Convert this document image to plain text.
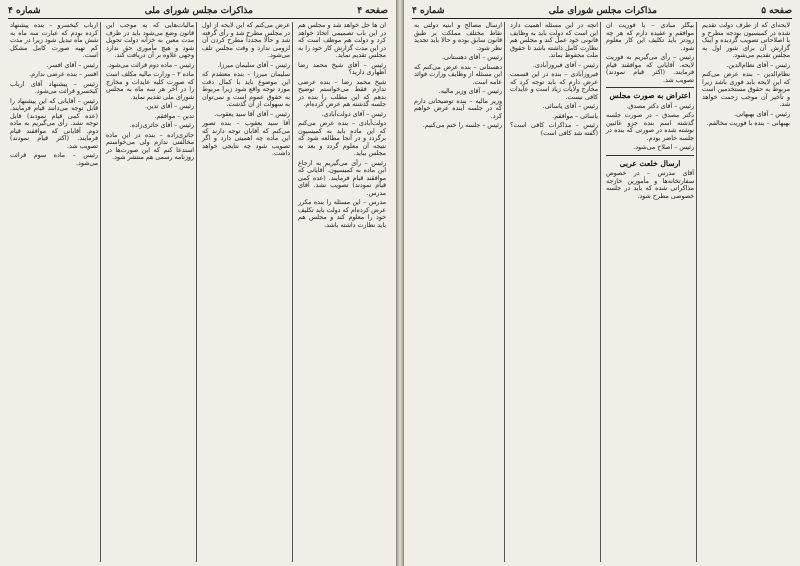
صفحه ۴
مذاکرات مجلس شورای ملی
شماره ۴

آن ‌ها حل خواهد شد و مجلس هم در این باب تصمیمی اتخاذ خواهد کرد و دولت هم موظف است که در این مدت گزارش کار خود را به مجلس تقدیم نماید.

رئیس – آقای شیخ محمد رضا اظهاری دارید؟

شیخ محمد رضا – بنده عرضی ندارم فقط می‌خواستم توضیح بدهم که این مطلب را بنده در جلسه گذشته هم عرض کرده‌ام.

رئیس – آقای دولت‌آبادی.

دولت‌آبادی – بنده عرض می‌کنم که این ماده باید به کمیسیون برگردد و در آنجا مطالعه شود که نتیجه آن معلوم گردد و بعد به مجلس بیاید.

رئیس – رأی می‌گیریم به ارجاع این ماده به کمیسیون. آقایانی که موافقند قیام فرمایند. (عده کمی قیام نمودند) تصویب نشد. آقای مدرس.

مدرس – این مسئله را بنده مکرر عرض کرده‌ام که دولت باید تکلیف خود را معلوم کند و مجلس هم باید نظارت داشته باشد.

عرض می‌کنم که این لایحه از اول در مجلس مطرح شد و رأی گرفته شد و حالا مجدداً مطرح کردن آن لزومی ندارد و وقت مجلس تلف می‌شود.

رئیس – آقای سلیمان میرزا.

سلیمان میرزا – بنده معتقدم که این موضوع باید با کمال دقت مورد توجه واقع شود زیرا مربوط به حقوق عموم است و نمی‌توان به سهولت از آن گذشت.

رئیس – آقای آقا سید یعقوب.

آقا سید یعقوب – بنده تصور می‌کنم که آقایان توجه دارند که این ماده چه اهمیتی دارد و اگر تصویب شود چه نتایجی خواهد داشت.

مالیات‌هایی که به موجب این قانون وضع می‌شود باید در ظرف مدت معین به خزانه دولت تحویل شود و هیچ مأموری حق ندارد وجهی علاوه بر آن دریافت کند.

رئیس – ماده دوم قرائت می‌شود.

ماده ۲ – وزارت مالیه مکلف است که صورت کلیه عایدات و مخارج را در آخر هر سه ماه به مجلس شورای ملی تقدیم نماید.

رئیس – آقای تدین.

تدین – موافقم.

رئیس – آقای حائری‌زاده.

حائری‌زاده – بنده در این ماده مخالفتی ندارم ولی می‌خواستم استدعا کنم که این صورت‌ها در روزنامه رسمی هم منتشر شود.

ارباب کیخسرو – بنده پیشنهاد کرده بودم که عبارت سه ماه به شش ماه تبدیل شود زیرا در مدت کم تهیه صورت کامل مشکل است.

رئیس – آقای افسر.

افسر – بنده عرضی ندارم.

رئیس – پیشنهاد آقای ارباب کیخسرو قرائت می‌شود.

رئیس – آقایانی که این پیشنهاد را قابل توجه می‌دانند قیام فرمایند. (عده کمی قیام نمودند) قابل توجه نشد. رأی می‌گیریم به ماده دوم. آقایانی که موافقند قیام فرمایند. (اکثر قیام نمودند) تصویب شد.

رئیس – ماده سوم قرائت می‌شود.

صفحه ۵
مذاکرات مجلس شورای ملی
شماره ۴

لایحه‌ای که از طرف دولت تقدیم شده در کمیسیون بودجه مطرح و با اصلاحاتی تصویب گردیده و اینک گزارش آن برای شور اول به مجلس تقدیم می‌شود.

رئیس – آقای نظام‌الدین.

نظام‌الدین – بنده عرض می‌کنم که این لایحه باید فوری باشد زیرا مربوط به حقوق مستخدمین است و تأخیر آن موجب زحمت خواهد شد.

رئیس – آقای بهبهانی.

بهبهانی – بنده با فوریت مخالفم.

بیگلر مبادی – با فوریت آن موافقم و عقیده دارم که هر چه زودتر باید تکلیف این کار معلوم شود.

رئیس – رأی می‌گیریم به فوریت لایحه. آقایانی که موافقند قیام فرمایند. (اکثر قیام نمودند) تصویب شد.

اعتراض به صورت مجلس

رئیس – آقای دکتر مصدق.

دکتر مصدق – در صورت جلسه گذشته اسم بنده جزو غائبین نوشته شده در صورتی که بنده در جلسه حاضر بودم.

رئیس – اصلاح می‌شود.

ارسال خلعت عربی

آقای مدرس – در خصوص سفارتخانه‌ها و مأمورین خارجه مذاکراتی شده که باید در جلسه خصوصی مطرح شود.

آنچه در این مسئله اهمیت دارد این است که دولت باید به وظایف قانونی خود عمل کند و مجلس هم نظارت کامل داشته باشد تا حقوق ملت محفوظ بماند.

رئیس – آقای فیروزآبادی.

فیروزآبادی – بنده در این قسمت عرض دارم که باید توجه کرد که مخارج ولایات زیاد است و عایدات کافی نیست.

رئیس – آقای یاسائی.

یاسائی – موافقم.

رئیس – مذاکرات کافی است؟ (گفته شد کافی است)

ارسال مصالح و ابنیه دولتی به نقاط مختلف مملکت بر طبق قانون سابق بوده و حالا باید تجدید نظر شود.

رئیس – آقای دهستانی.

دهستانی – بنده عرض می‌کنم که این مسئله از وظایف وزارت فوائد عامه است.

رئیس – آقای وزیر مالیه.

وزیر مالیه – بنده توضیحاتی دارم که در جلسه آینده عرض خواهم کرد.

رئیس – جلسه را ختم می‌کنیم.
